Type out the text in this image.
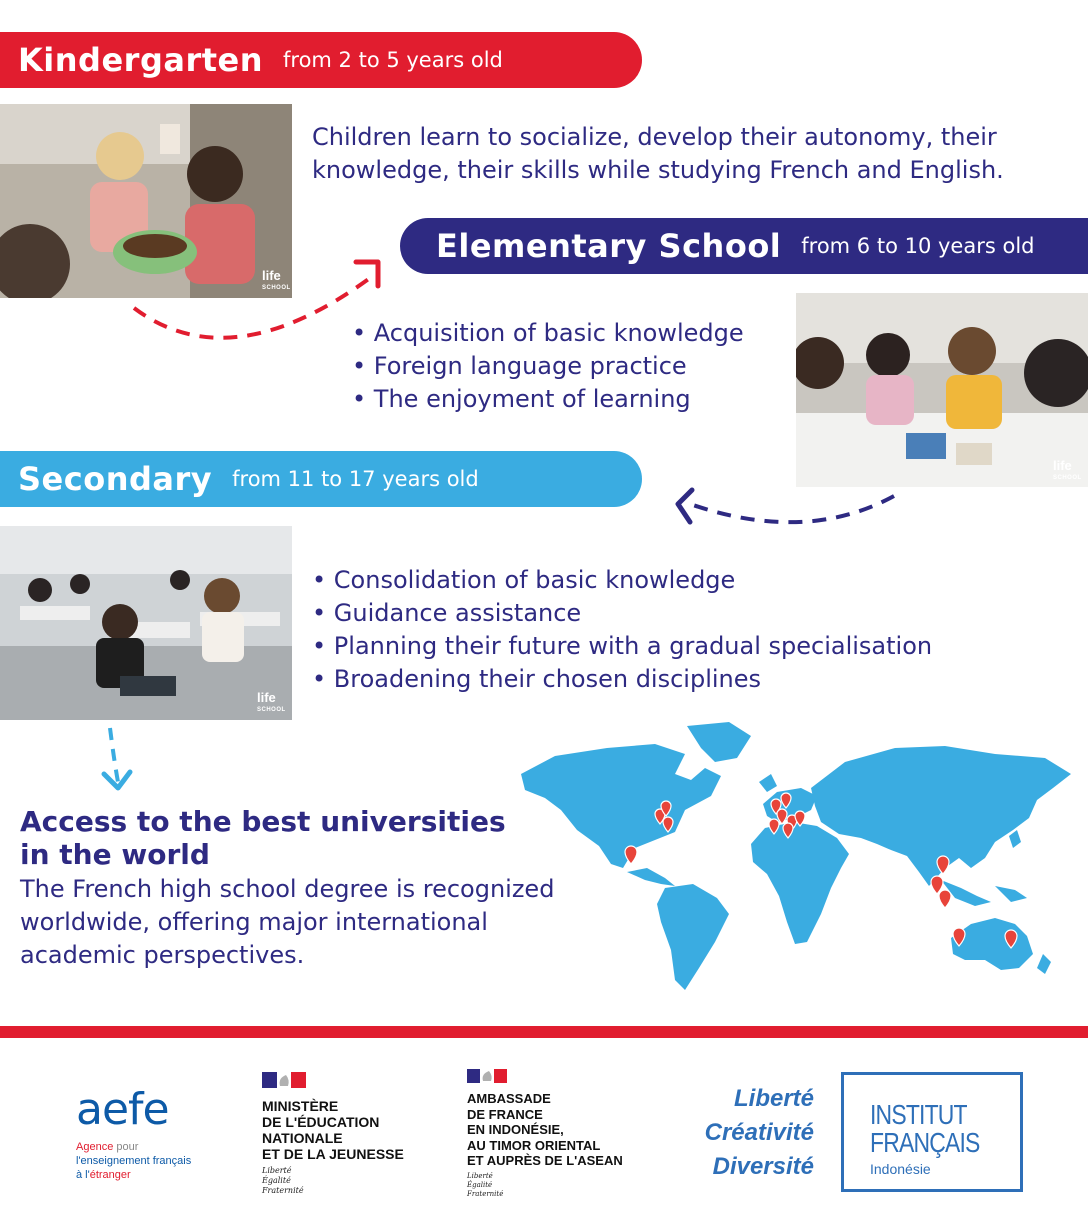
Kindergarten from 2 to 5 years old
life
SCHOOL
Children learn to socialize, develop their autonomy, their knowledge, their skills while studying French and English.
Elementary School from 6 to 10 years old
• Acquisition of basic knowledge
• Foreign language practice
• The enjoyment of learning
life
SCHOOL
Secondary from 11 to 17 years old
life
SCHOOL
• Consolidation of basic knowledge
• Guidance assistance
• Planning their future with a gradual specialisation
• Broadening their chosen disciplines
Access to the best universities
in the world
The French high school degree is recognized
worldwide, offering major international
academic perspectives.
aefe
Agence pour
l'enseignement français
à l'étranger
MINISTÈRE
DE L'ÉDUCATION
NATIONALE
ET DE LA JEUNESSE
Liberté
Égalité
Fraternité
AMBASSADE
DE FRANCE
EN INDONÉSIE,
AU TIMOR ORIENTAL
ET AUPRÈS DE L'ASEAN
Liberté
Égalité
Fraternité
Liberté
Créativité
Diversité
INSTITUT
FRANÇAIS
Indonésie
